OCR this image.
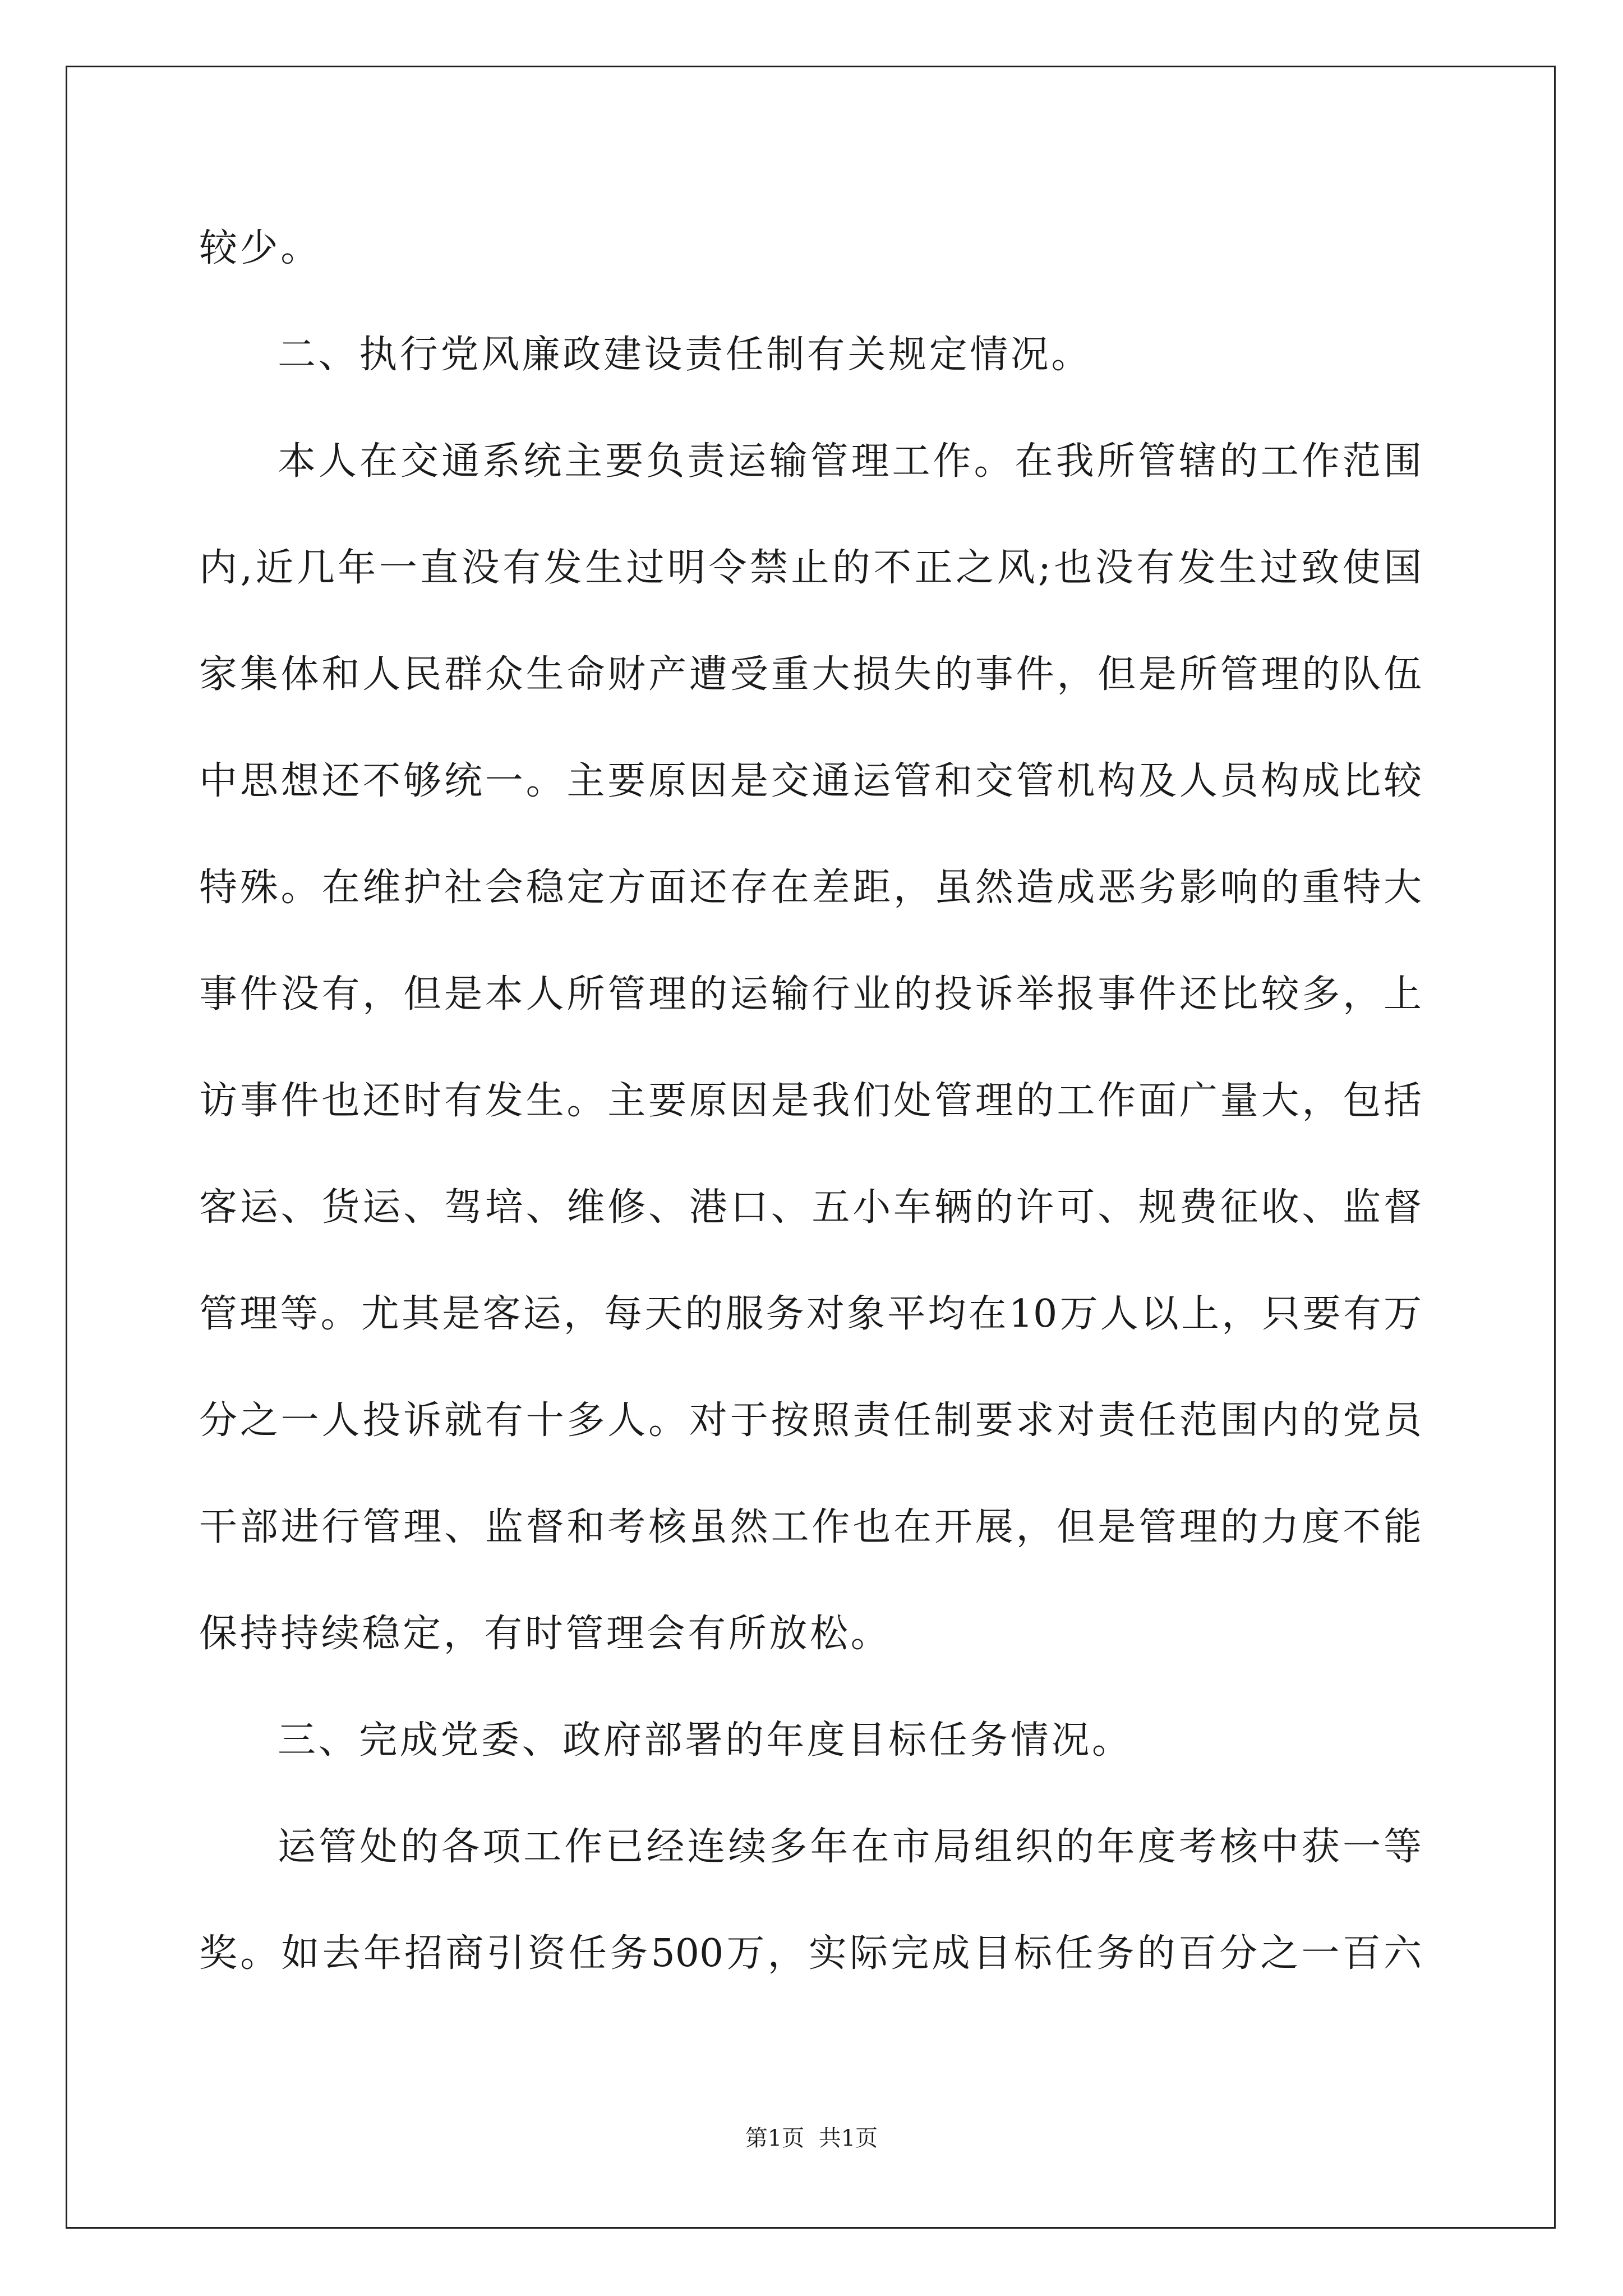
较少。
二、执行党风廉政建设责任制有关规定情况。
本人在交通系统主要负责运输管理工作。在我所管辖的工作范围
内,近几年一直没有发生过明令禁止的不正之风;也没有发生过致使国
家集体和人民群众生命财产遭受重大损失的事件，但是所管理的队伍
中思想还不够统一。主要原因是交通运管和交管机构及人员构成比较
特殊。在维护社会稳定方面还存在差距，虽然造成恶劣影响的重特大
事件没有，但是本人所管理的运输行业的投诉举报事件还比较多，上
访事件也还时有发生。主要原因是我们处管理的工作面广量大，包括
客运、货运、驾培、维修、港口、五小车辆的许可、规费征收、监督
管理等。尤其是客运，每天的服务对象平均在10万人以上，只要有万
分之一人投诉就有十多人。对于按照责任制要求对责任范围内的党员
干部进行管理、监督和考核虽然工作也在开展，但是管理的力度不能
保持持续稳定，有时管理会有所放松。
三、完成党委、政府部署的年度目标任务情况。
运管处的各项工作已经连续多年在市局组织的年度考核中获一等
奖。如去年招商引资任务500万，实际完成目标任务的百分之一百六
第1页  共1页
